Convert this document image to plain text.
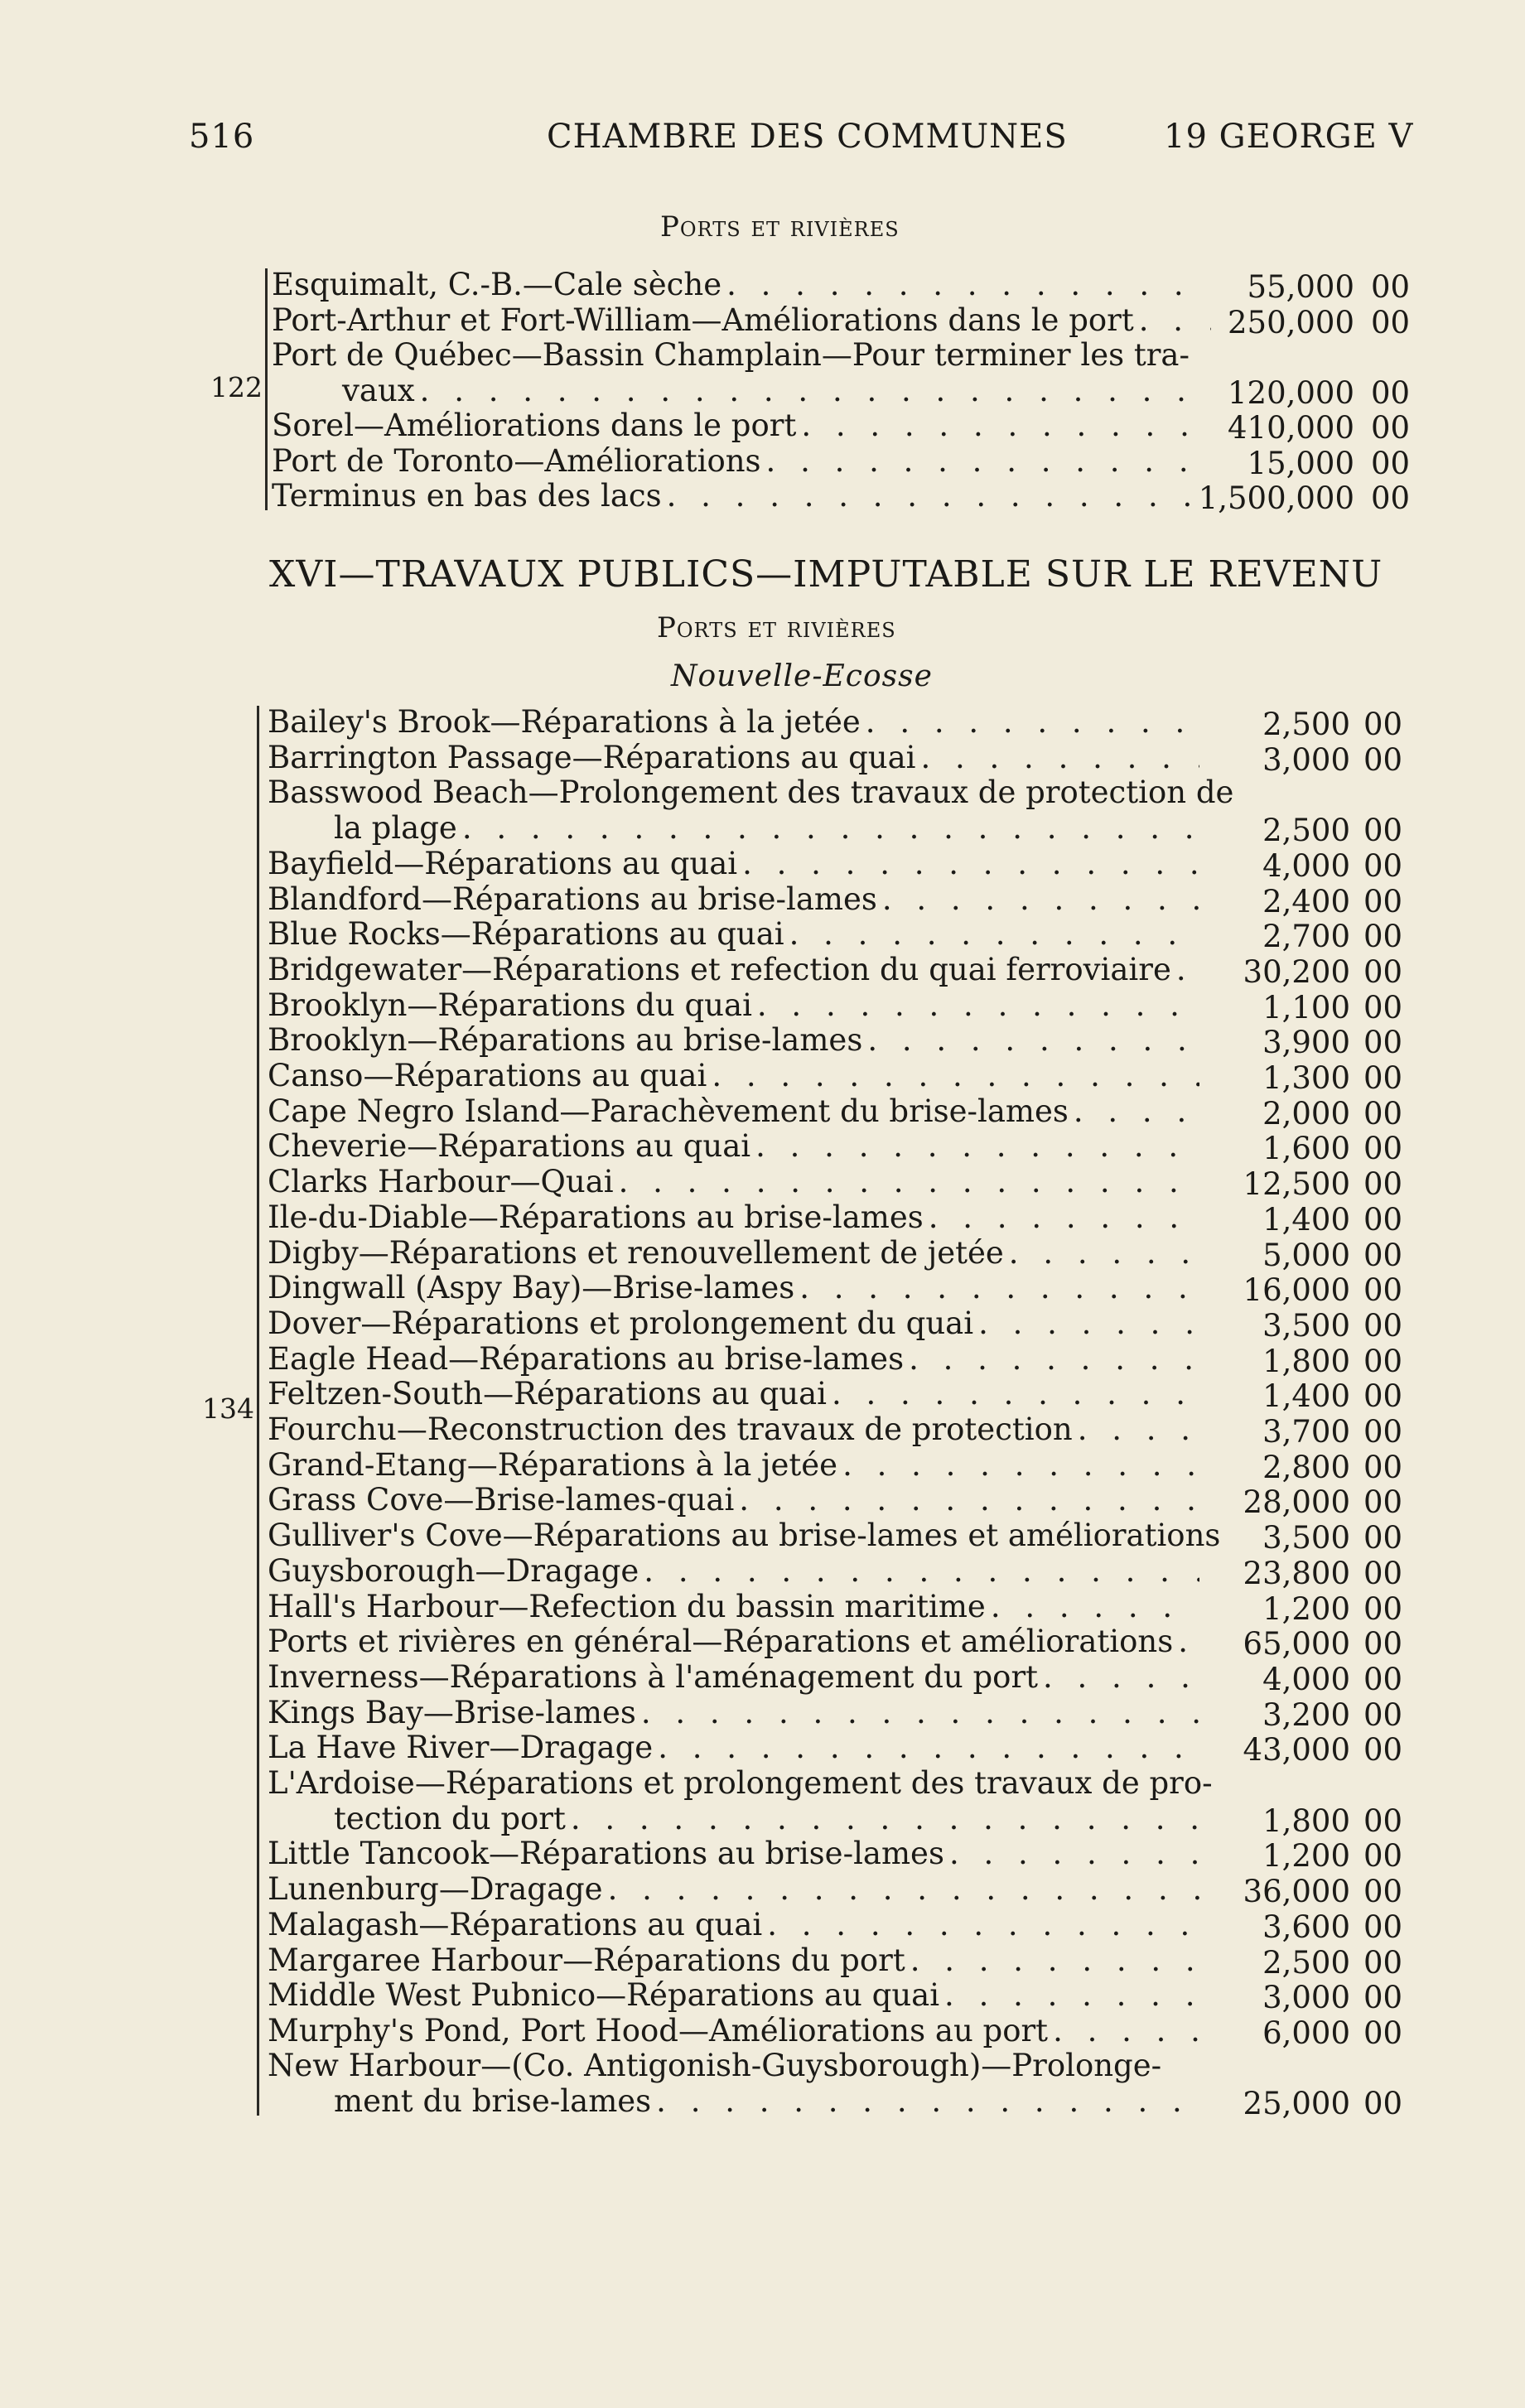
516	CHAMBRE DES COMMUNES	19 GEORGE V
Ports et rivières
Esquimalt, C.-B.—Cale sèche . . .	55,000 00
Port-Arthur et Fort-William—Améliorations dans le port . . .	250,000 00
Port de Québec—Bassin Champlain—Pour terminer les tra-
vaux . . .	120,000 00
Sorel—Améliorations dans le port . . .	410,000 00
Port de Toronto—Améliorations . . .	15,000 00
Terminus en bas des lacs . . .	1,500,000 00
122
XVI—TRAVAUX PUBLICS—IMPUTABLE SUR LE REVENU
Ports et rivières
Nouvelle-Ecosse
Bailey's Brook—Réparations à la jetée . . .	2,500 00
Barrington Passage—Réparations au quai . . .	3,000 00
Basswood Beach—Prolongement des travaux de protection de
la plage . . .	2,500 00
Bayfield—Réparations au quai . . .	4,000 00
Blandford—Réparations au brise-lames . . .	2,400 00
Blue Rocks—Réparations au quai . . .	2,700 00
Bridgewater—Réparations et refection du quai ferroviaire . . .	30,200 00
Brooklyn—Réparations du quai . . .	1,100 00
Brooklyn—Réparations au brise-lames . . .	3,900 00
Canso—Réparations au quai . . .	1,300 00
Cape Negro Island—Parachèvement du brise-lames . . .	2,000 00
Cheverie—Réparations au quai . . .	1,600 00
Clarks Harbour—Quai . . .	12,500 00
Ile-du-Diable—Réparations au brise-lames . . .	1,400 00
Digby—Réparations et renouvellement de jetée . . .	5,000 00
Dingwall (Aspy Bay)—Brise-lames . . .	16,000 00
Dover—Réparations et prolongement du quai . . .	3,500 00
Eagle Head—Réparations au brise-lames . . .	1,800 00
Feltzen-South—Réparations au quai . . .	1,400 00
Fourchu—Reconstruction des travaux de protection . . .	3,700 00
Grand-Etang—Réparations à la jetée . . .	2,800 00
Grass Cove—Brise-lames-quai . . .	28,000 00
Gulliver's Cove—Réparations au brise-lames et améliorations . . .	3,500 00
Guysborough—Dragage . . .	23,800 00
Hall's Harbour—Refection du bassin maritime . . .	1,200 00
Ports et rivières en général—Réparations et améliorations . . .	65,000 00
Inverness—Réparations à l'aménagement du port . . .	4,000 00
Kings Bay—Brise-lames . . .	3,200 00
La Have River—Dragage . . .	43,000 00
L'Ardoise—Réparations et prolongement des travaux de pro-
tection du port . . .	1,800 00
Little Tancook—Réparations au brise-lames . . .	1,200 00
Lunenburg—Dragage . . .	36,000 00
Malagash—Réparations au quai . . .	3,600 00
Margaree Harbour—Réparations du port . . .	2,500 00
Middle West Pubnico—Réparations au quai . . .	3,000 00
Murphy's Pond, Port Hood—Améliorations au port . . .	6,000 00
New Harbour—(Co. Antigonish-Guysborough)—Prolonge-
ment du brise-lames . . .	25,000 00
134
